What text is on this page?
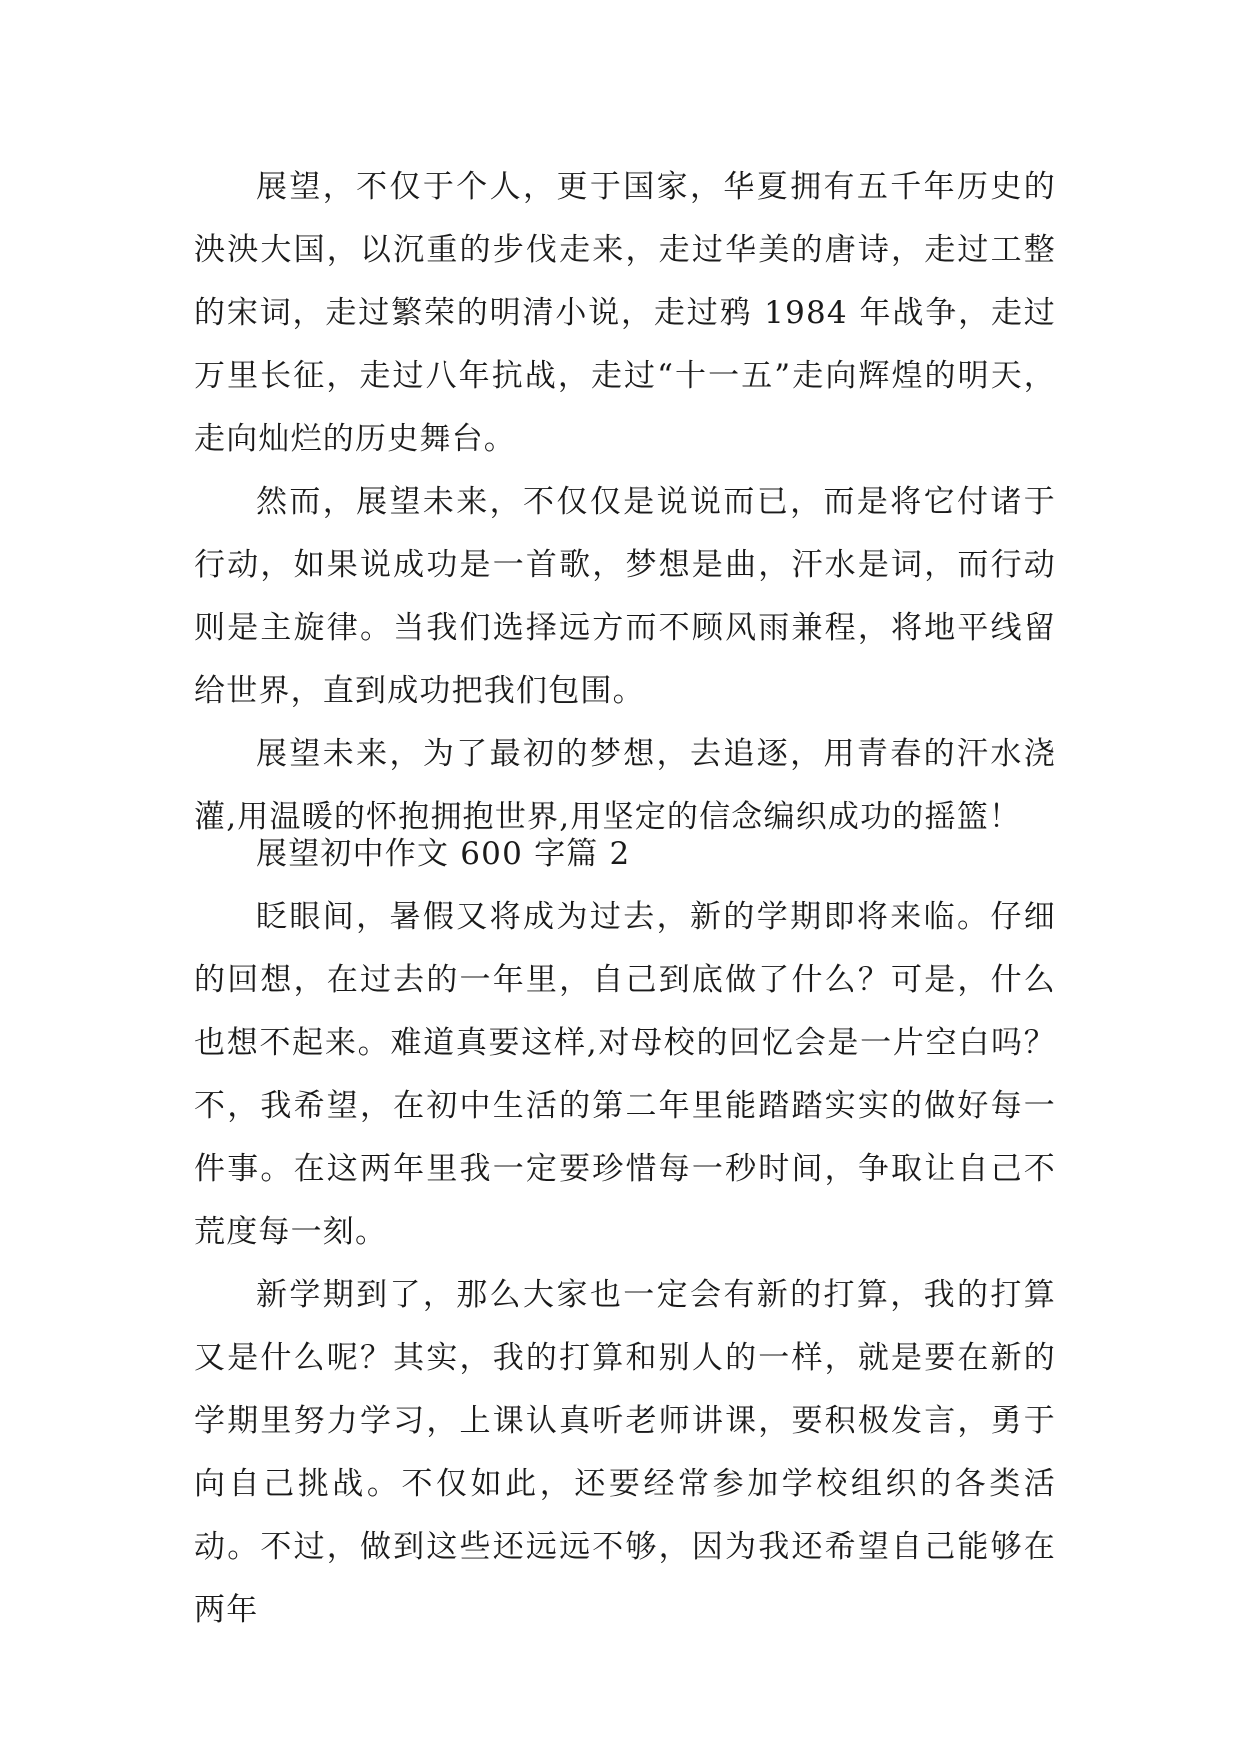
展望，不仅于个人，更于国家，华夏拥有五千年历史的泱泱大国，以沉重的步伐走来，走过华美的唐诗，走过工整的宋词，走过繁荣的明清小说，走过鸦 1984 年战争，走过万里长征，走过八年抗战，走过“十一五”走向辉煌的明天，走向灿烂的历史舞台。

然而，展望未来，不仅仅是说说而已，而是将它付诸于行动，如果说成功是一首歌，梦想是曲，汗水是词，而行动则是主旋律。当我们选择远方而不顾风雨兼程，将地平线留给世界，直到成功把我们包围。

展望未来，为了最初的梦想，去追逐，用青春的汗水浇灌,用温暖的怀抱拥抱世界,用坚定的信念编织成功的摇篮！

展望初中作文 600 字篇 2

眨眼间，暑假又将成为过去，新的学期即将来临。仔细的回想，在过去的一年里，自己到底做了什么？可是，什么也想不起来。难道真要这样,对母校的回忆会是一片空白吗？不，我希望，在初中生活的第二年里能踏踏实实的做好每一件事。在这两年里我一定要珍惜每一秒时间，争取让自己不荒度每一刻。

新学期到了，那么大家也一定会有新的打算，我的打算又是什么呢？其实，我的打算和别人的一样，就是要在新的学期里努力学习，上课认真听老师讲课，要积极发言，勇于向自己挑战。不仅如此，还要经常参加学校组织的各类活动。不过，做到这些还远远不够，因为我还希望自己能够在两年
